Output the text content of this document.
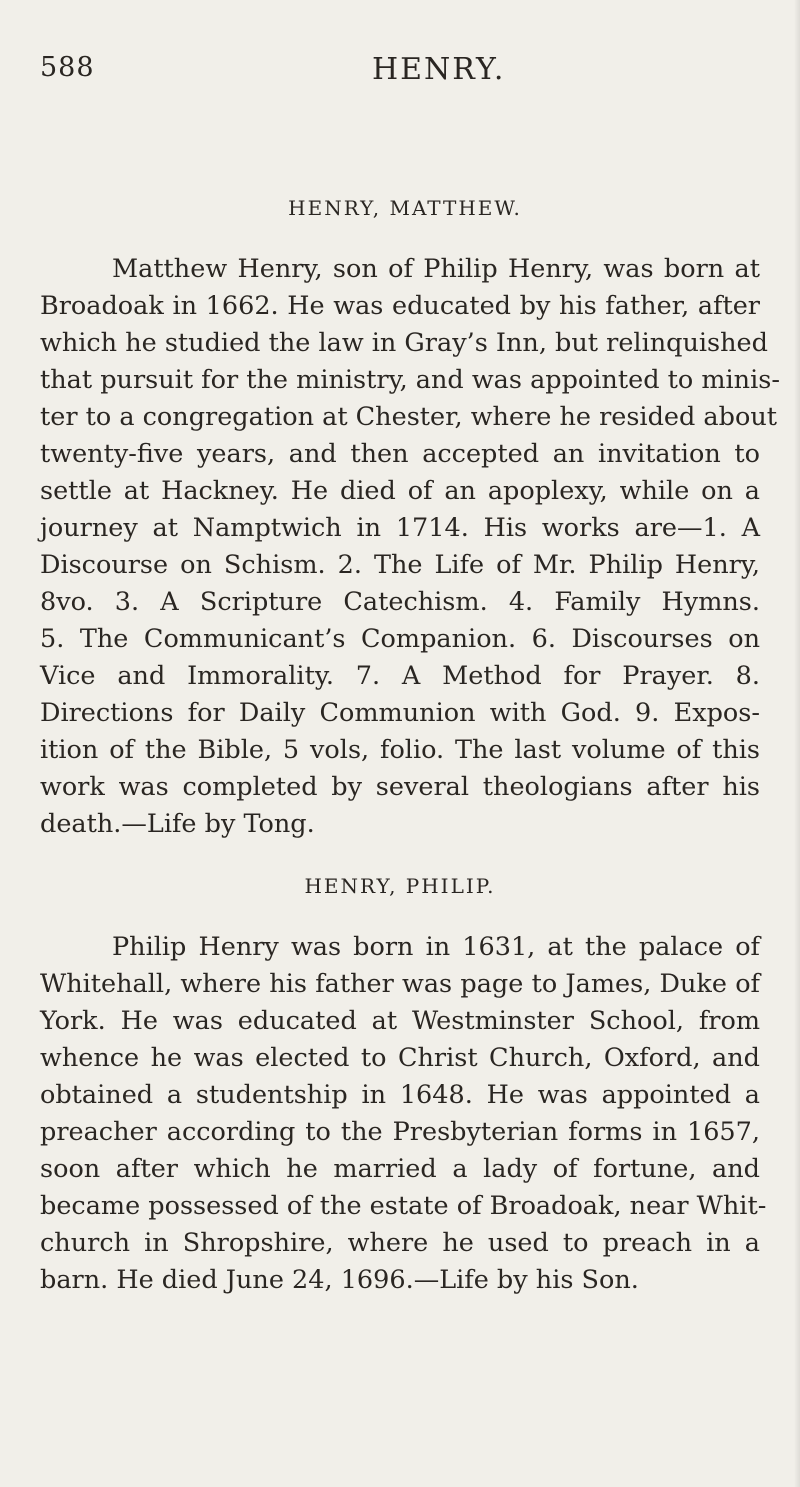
588	HENRY.
HENRY, MATTHEW.
Matthew Henry, son of Philip Henry, was born at
Broadoak in 1662. He was educated by his father, after
which he studied the law in Gray’s Inn, but relinquished
that pursuit for the ministry, and was appointed to minis-
ter to a congregation at Chester, where he resided about
twenty-five years, and then accepted an invitation to
settle at Hackney. He died of an apoplexy, while on a
journey at Namptwich in 1714. His works are—1. A
Discourse on Schism. 2. The Life of Mr. Philip Henry,
8vo. 3. A Scripture Catechism. 4. Family Hymns.
5. The Communicant’s Companion. 6. Discourses on
Vice and Immorality. 7. A Method for Prayer. 8.
Directions for Daily Communion with God. 9. Expos-
ition of the Bible, 5 vols, folio. The last volume of this
work was completed by several theologians after his
death.—Life by Tong.
HENRY, PHILIP.
Philip Henry was born in 1631, at the palace of
Whitehall, where his father was page to James, Duke of
York. He was educated at Westminster School, from
whence he was elected to Christ Church, Oxford, and
obtained a studentship in 1648. He was appointed a
preacher according to the Presbyterian forms in 1657,
soon after which he married a lady of fortune, and
became possessed of the estate of Broadoak, near Whit-
church in Shropshire, where he used to preach in a
barn. He died June 24, 1696.—Life by his Son.
